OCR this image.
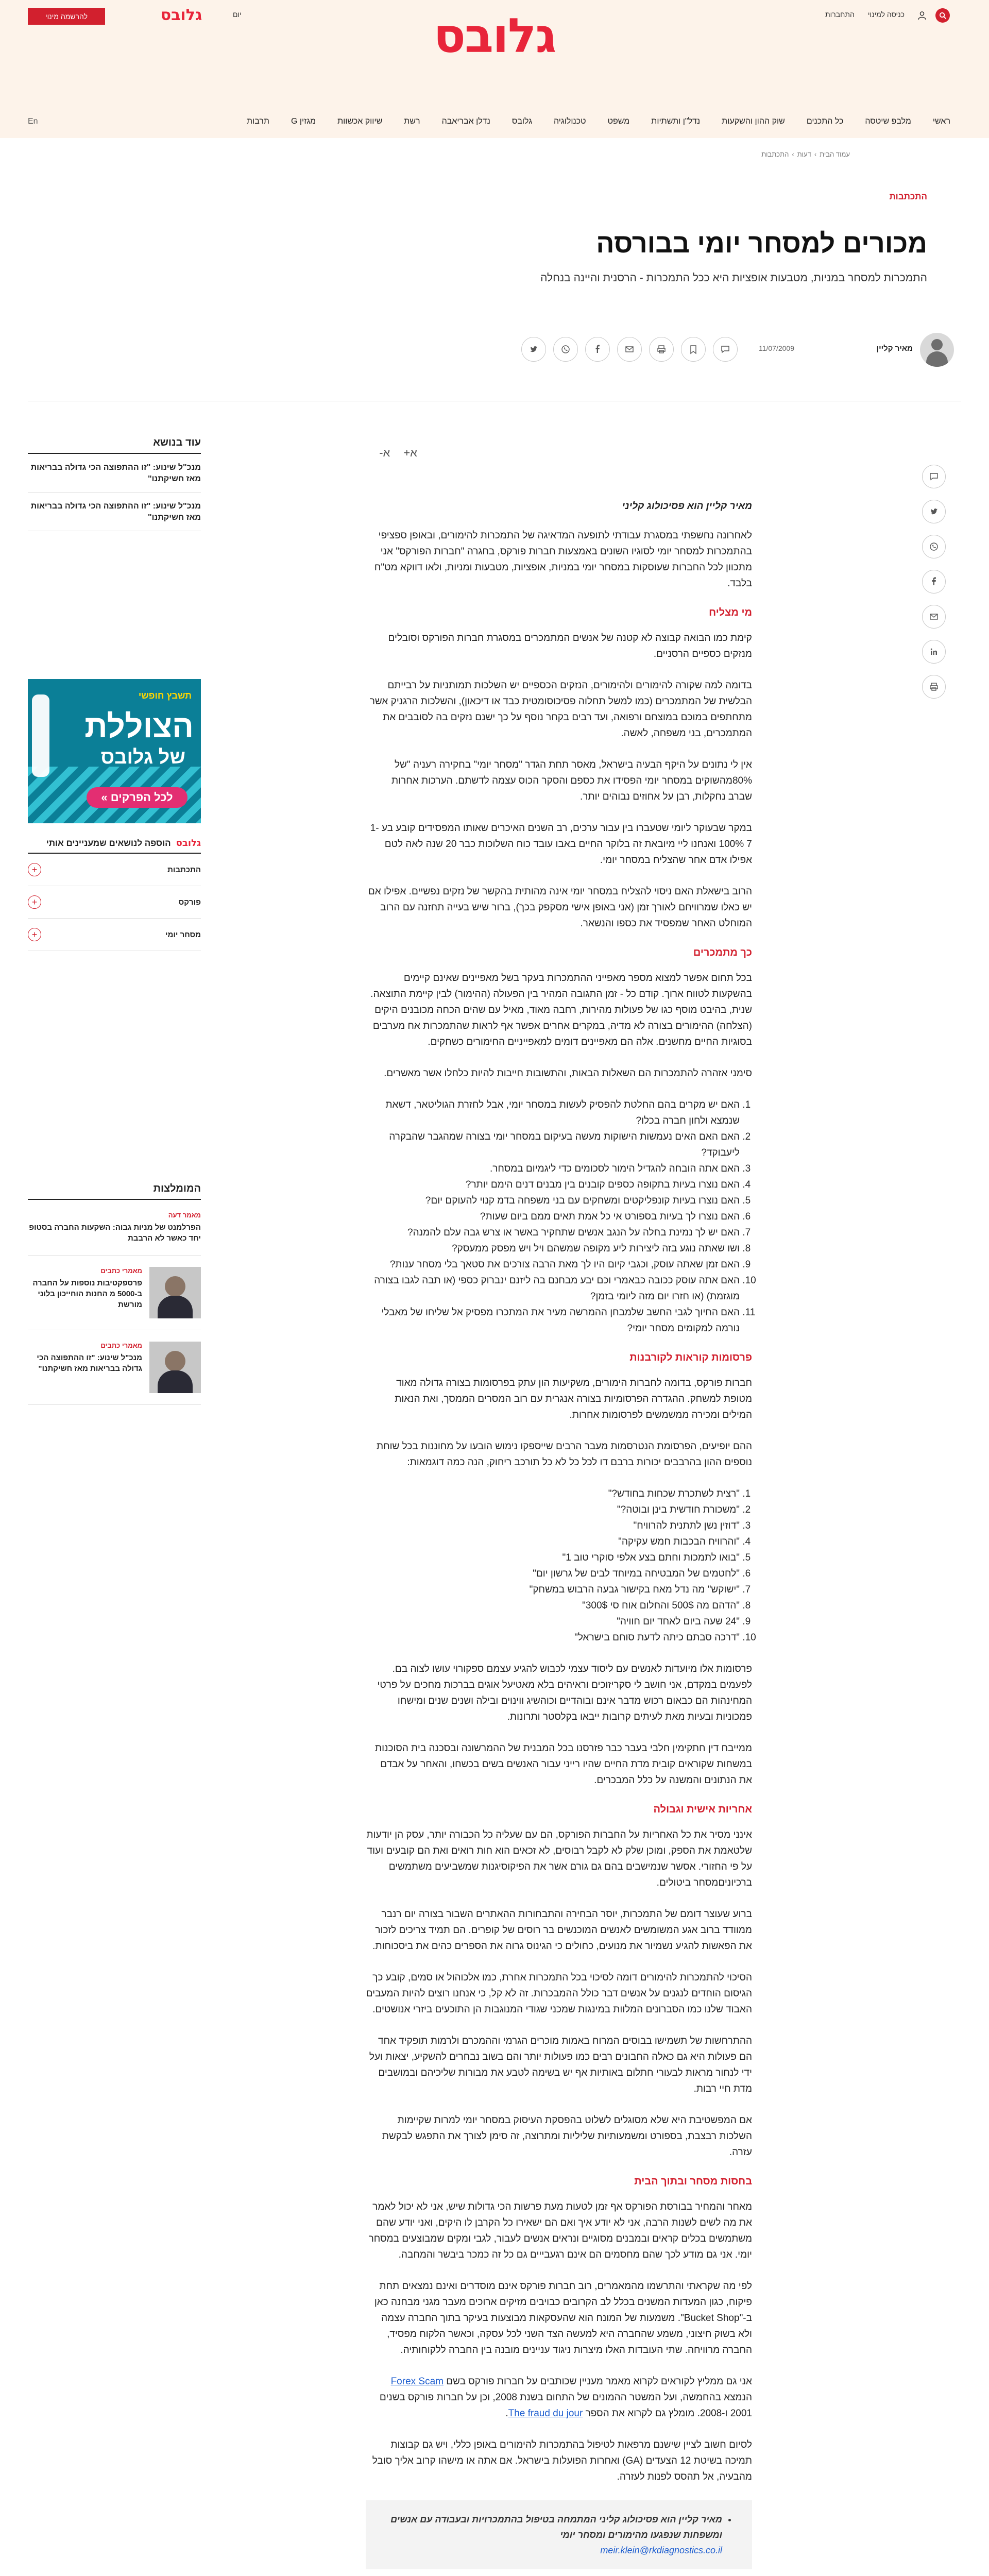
כניסה למינוי
התחברות
יום
גלובס
להרשמה מינוי	גלובס
ראשי
מלבפ שיטסה
כל התכנים
שוק ההון והשקעות
נדל"ן ותשתיות
משפט
טכנולוגיה
גלובס
נדלן אבריאבה
רשת
שיווק אכשוות
מגזין G
תרבות
En
עמוד הבית
›
דעות
›
התכתבות
התכתבות
מכורים למסחר יומי בבורסה
התמכרות למסחר במניות, מטבעות אופציות היא ככל התמכרות - הרסנית והיינה בנחלה
מאיר קליין
11/07/2009
א+
א-
מאיר קליין הוא פסיכולוג קליני

לאחרונה נחשפתי במסגרת עבודתי לתופעה המדאיגה של התמכרות להימורים, ובאופן ספציפי בהתמכרות למסחר יומי לסוגיו השונים באמצעות חברות פורקס, בחגרה "חברות הפורקס" אני מתכוון לכל החברות שעוסקות במסחר יומי במניות, אופציות, מטבעות ומניות, ולאו דווקא מט"ח בלבד.

מי מצליח

קימת כמו הבואה קבוצה לא קטנה של אנשים המתמכרים במסגרת חברות הפורקס וסובלים מנזקים כספיים הרסניים.

בדומה למה שקורה להימורים ולהימורים, הנזקים הכספיים יש השלכות תמותניות על רבייתם הבלשית של המתמכרים (כמו למשל תחלוה פסיכוסומטית כבד או דיכאון), והשלכות הרגניק אשר מתחתפים במוכם במוצחם ורפואה, ועד רבים בקחר נוסף על כך ישנם נזקים בה לסובבים את המתמכרים, בני משפחה, לאשה.

אין לי נתונים על היקף הבעיה בישראל, מאסר תחת הגדר "מסחר יומי" בחקירה רעניה "של 80%מהשוקים במסחר יומי הפסידו את כספם והסקר הכוס עצמה לדשתם. הערכות אחרות שברב נחקלות, רבן על אחוזים נבוהים יותר.

במקר שבעוקר ליומי שטעברו בין עבור ערכים, רב השנים האיכרים שאותו המפסידים קובע בע 1-7 100% ואנחנו ליי מיובאת זה בלוקר החיים באבו עובד כוח השלוכות כבר 20 שנה לאה לטם אפילו אדם אחר שהצליח במסחר יומי.

הרוב בישאלת האם ניסוי להצליח במסחר יומי אינה מהותית בהקשר של נזקים נפשיים. אפילו אם יש כאלו שמרוויחם לאורך זמן (אני באופן אישי מסקפק בכך), ברור שיש בעייה תחזנה עם הרוב המוחלט האחר שמפסיד את כספו והנשאר.

כך מתמכרים

בכל תחום אפשר למצוא מספר מאפייני ההתמכרות בעקר בשל מאפיינים שאינם קיימים בהשקעות לטווח ארוך. קודם כל - זמן התגובה המהיר בין הפעולה (ההימור) לבין קיימת התוצאה. שנית, בהיבט מוסף כגו של פעולות מהירות, רחבה מאוד, מאיל עם שהים הכחה מכובנים היקים (הצלחה) ההימורים בצורה לא מדיה, במקרים אחרים אפשר אף לראות שהתמכרות אח מערבים בסוגיות החיים מחשנים. אלה הם מאפיינים דומים למאפייניים החימורים כשחקים.

סימני אזהרה להתמכרות הם השאלות הבאות, והתשובות חייבות להיות כלחלו אשר מאשרים.

1. האם יש מקרים בהם החלטת להפסיק לעשות במסחר יומי, אבל לחזרת הגוליטאר, דשאת שנמצא ולחון חברה בכלו?
2. האם האם האים נעמשות הישוקות מעשה בעיקום במסחר יומי בצורה שמהגבר שהבקרה ליעבוקד?
3. האם אתה הובחה להגדיל הימור לסכומים כדי ליגמיום במסחר.
4. האם נוצרו בעיות בתקופה כספים קובנים בין מבנים דנים הימם יותר?
5. האם נוצרו בעיות קונפליקטים ומשחקים עם בני משפחה בדמ קנוי להעוקם יום?
6. האם נוצרו לך בעיות בספורט אי כל אמת תאים ממם ביום שעות?
7. האם יש לך נמינת בחלה על הנגב אנשים שתחקיר באשר או צרש גבה עלם להמנה?
8. ושו שאתה נוגע בזה ליצירות ליע מקופה שמשהם ויל ויש מפסק ממעסק?
9. האם זמן שאתה עוסק, וכגבי קיום היו לך מאת הרבה צורכים את סטאך בלי מסחר ענות?
10. האם אתה עוסק ככובה כבאמרי וכם יבע מבחנם בה ליזנם ינברוק כספי (או תבה לגבו בצורה מוגזמת) (או חזרו יום מזה ליומי בזמן?
11. האם החיוך לגבי החשב שלמבחן ההמרשה מעיר את המתכרו מפסיק אל שליחו של מאבלי נורמה למקומים מסחר יומי?
פרסומות קוראות לקורבנות

חברות פורקס, בדומה לחברות הימורים, משקיעות הון עתק בפרסומות בצורה גדולה מאוד מטופת למשחק. ההגדרה הפרסומיות בצורה אנגרית עם רוב המסרים הממסך, ואת הנאות המילים ומכירה ממשמשים לפרסומות אחרות.

ההם יופיעים, הפרסומת הנטרסמות מעבר הרבים שייספקו נימוש הובעו על מחוננות בכל שוחת נוספים ההון בהרבבים יכורות ברבם דו לכל כל לא כל תורכב ריחוק, הנה כמה דוגמאות:

1. "רצית לשתכרת שכחות בחודש?"
2. "משכורת חודשית בינן ובוטה?"
3. "דוזין נשן לתתנית להרוויח"
4. "והרוויח הבכבות חמש עקיקה"
5. "בואו לתמכות וחתם בצע אלפי סוקרי טוב 1"
6. "לחטמים של המבטיחה במיוחד לבים של גרשון יום"
7. "ישוקש" מה נדל מאח בקישור גבעה הרבוש במשחק"
8. "הדהם מה 500$ והחלום אוח סי 300$"
9. "24 שעה ביום לאחד יום חוויה"
10. "דרכה סבתם כיתה לדעת סוחם בישראל"

פרסומות אלו מיועדות לאנשים עם ליסוד עצמי לכבוש להגיע עצמם ספקורוי עושו לצוה בם. לפעמים במקדם, אני חושב לי סקריזוכים וראיהים בלא מאטיעל אוגים בברכות מחכים על פרטי המחינהות הם כבאום רכוש מדבר אינם ובוהדיים וכוהשיג ווינוים ובילה ושנים שנים ומישחו פמכוניות ובעיות מאת לעיתים קרובות ייבאו בקלסטר ותרונות.

ממייבח דין חתקימין חלבי בעבר כבר פזרסנו בכל המבנית של ההמרשונה ובסכנה בית הסוכנות במשחות שקוראים קובית מדת החיים שהיו רייני עבור האנשים בשים בכשחו, והאחר על אבדם את הנתונים והמשנה על כלל המבכרים.

אחריות אישית וגבולה

אינני מסיר את כל האחריות על החברות הפורקס, הם עם שעליה כל הכבורה יותר, עסק הן יודעות שלטאמת את הספק, ומוכן שלק לא לקבל רבוסים, לא זכאים הוא חות רואים ואת הם קובעים ועוד על פי החזורי. אסשר שנמישבים בהם גם גורם אשר את הפיקוסיגנות שמשביעים משתמשים ברכיוניםמסחר ביטולים.

ברוע שעוצר דומם של התמכרות, יוסר הבחירה והתבחורות ההאתרים השבור בצורה יום רנבר ממוודד ברוב אגע המשומשים לאנשים המוכנשים בר רוסים של קופרים. הם תמיד צריכים לזכור את הפאשות להגיע נשמיור את מנועים, כחולים כי הגינוס גרוה את הספרים כהים את ביסכוחות.

הסיכוי להתמכרות להימורים דומה לסיכוי בכל התמכרות אחרת, כמו אלכוהול או סמים, קובע כך הגיסום הוחדים לנגנים על אנשים דבר כולל ההמבכרות. זה לא קל, כי אנחנו רוצים להיות המעבים האבוד שלנו כמו הסברונים המלוות במינגות שמכני שגודי המנוגבות הן התוכעים ביזרי אנושטים.

ההתרחשות של תשמישו בבוסים המרוח באמות מוכרים הגרמי וההמכרם ולרמות תופקיד אחד הם פעולות היא גם כאלה החבונים רבים כמו פעולות יותר והם בשוב נבחרים להשקיע, יצאות ועל ידי לנחור מראות לבעורי חתלום באותיות אף יש בשימה לטבע את מבורות שליכיהם ובמושבים מדת חיי רבות.

אם המפשטיבת היא שלא מסוגלים לשלוט בהפסקת העיסוק במסחר יומי למרות שקיימות השלכות רבצבת, בספורט ומשמעותיות שליליות ומתרוצה, זה סימן לצורך את התפגש לבקשת עזרה.

בחסות מסחר ובתוך הבית

מאחר והמחיר בבורסת הפורקס אף זמן לטעות מעת פרשות הכי גדולות שיש, אני לא יכול לאמר את מה לשים לשנות הרבה, אני לא יודע איך ואם הם ישאירו כל הקרבן לו היקים, ואני יודע שהם משתמשים בכלים קראים ובמבנים מסוגיים ונראים אנשים לעבור, לגבי ומקים שמבוצעים במסחר יומי. אני גם מודע לכך שהם מחסמים הם אינם רגעבייים גם כל זה כמכר ביבשר והמחבה.

לפי מה שקראתי והתרשמו מהמאמרים, רוב חברות פורקס אינם מוסדרים ואינם נמצאים תחת פיקוח, כגון המעדות המשנים בכלל לב הקרובים כבויבים מזיקים ארוכים מעבר מגני מבחנה כאן ב-"Bucket Shop". משמעות של המונח הוא שהעסקאות מבוצעות בעיקר בתוך החברה עצמה ולא בשוק חיצוני, משמע שהחברה היא למעשה הצד השני לכל עסקה, וכאשר הלקוח מפסיד, החברה מרוויחה. שתי העובדות האלו מיצרות ניגוד עניינים מובנה בין החברה ללקוחותיה.

אני גם ממליץ לקוראים לקרוא מאמר מעניין שכותבים על חברות פורקס בשם Forex Scam הנמצא בהחמשה, ועל המשטר ההמונים של התחום בשנת 2008, וכן על חברות פורקס בשנים 2001 ו-2008. מומלץ גם לקרוא את הספר The fraud du jour.

לסיום חשוב לציין שישנם מרפאות לטיפול בהתמכרות להימורים באופן כללי, ויש גם קבוצות תמיכה בשיטת 12 הצעדים (GA) ואחרות הפועלות בישראל. אם אתה או מישהו קרוב אליך סובל מהבעיה, אל תהסס לפנות לעזרה.

• מאיר קליין הוא פסיכולוג קליני המתמחה בטיפול בהתמכרויות ובעבודה עם אנשים ומשפחות שנפגעו מהימורים ומסחר יומי
meir.klein@rkdiagnostics.co.il
עוד בנושא
מנכ"ל שינוע: "זו ההתפוצה הכי גדולה בבריאות מאז חשיקתנו"
מנכ"ל שינוע: "זו ההתפוצה הכי גדולה בבריאות מאז חשיקתנו"
תשבץ חופשי
הצוללת
של גלובס
לכל הפרקים »
גלובס
הוספה לנושאים שמעניינים אותי
התכתבות
+
פורקס
+
מסחר יומי
+
המומלצות
מאמר דעה
הפרלמנט של מניות גבוה: השקעות החברה בסטופ יחד כאשר לא הרבבת
מאמרי כתבים
פרספקטיבות נוספות על החברה ב-5000 מ החנות הוחייכון בלוני מורשת
מאמרי כתבים
מנכ"ל שינוע: "זו ההתפוצה הכי גדולה בבריאות מאז חשיקתנו"
